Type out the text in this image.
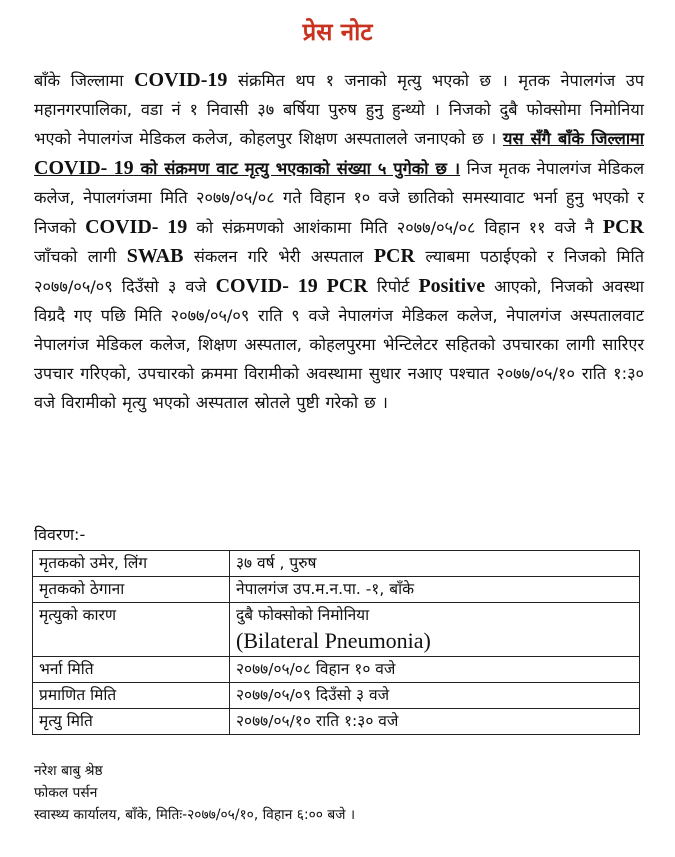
प्रेस नोट
बाँके जिल्लामा COVID-19 संक्रमित थप १ जनाको मृत्यु भएको छ । मृतक नेपालगंज उप महानगरपालिका, वडा नं १ निवासी ३७ बर्षिया पुरुष हुनु हुन्थ्यो । निजको दुबै फोक्सोमा निमोनिया भएको नेपालगंज मेडिकल कलेज, कोहलपुर शिक्षण अस्पतालले जनाएको छ । यस सँगै बाँके जिल्लामा COVID- 19 को संक्रमण वाट मृत्यु भएकाको संख्या ५ पुगेको छ । निज मृतक नेपालगंज मेडिकल कलेज, नेपालगंजमा मिति २०७७/०५/०८ गते विहान १० वजे छातिको समस्यावाट भर्ना हुनु भएको र निजको COVID- 19 को संक्रमणको आशंकामा मिति २०७७/०५/०८ विहान ११ वजे नै PCR जाँचको लागी SWAB संकलन गरि भेरी अस्पताल PCR ल्याबमा पठाईएको र निजको मिति २०७७/०५/०९ दिउँसो ३ वजे COVID- 19 PCR रिपोर्ट Positive आएको, निजको अवस्था विग्रदै गए पछि मिति २०७७/०५/०९ राति ९ वजे नेपालगंज मेडिकल कलेज, नेपालगंज अस्पतालवाट नेपालगंज मेडिकल कलेज, शिक्षण अस्पताल, कोहलपुरमा भेन्टिलेटर सहितको उपचारका लागी सारिएर उपचार गरिएको, उपचारको क्रममा विरामीको अवस्थामा सुधार नआए पश्चात २०७७/०५/१० राति १:३० वजे विरामीको मृत्यु भएको अस्पताल स्रोतले पुष्टी गरेको छ ।
विवरण:-
मृतकको उमेर, लिंग	३७ वर्ष , पुरुष
मृतकको ठेगाना	नेपालगंज उप.म.न.पा. -१, बाँके
मृत्युको कारण	दुबै फोक्सोको निमोनिया
(Bilateral Pneumonia)

भर्ना मिति	२०७७/०५/०८ विहान १० वजे
प्रमाणित मिति	२०७७/०५/०९ दिउँसो ३ वजे
मृत्यु मिति	२०७७/०५/१० राति १:३० वजे
नरेश बाबु श्रेष्ठ
फोकल पर्सन
स्वास्थ्य कार्यालय, बाँके, मितिः-२०७७/०५/१०, विहान ६:०० बजे ।
